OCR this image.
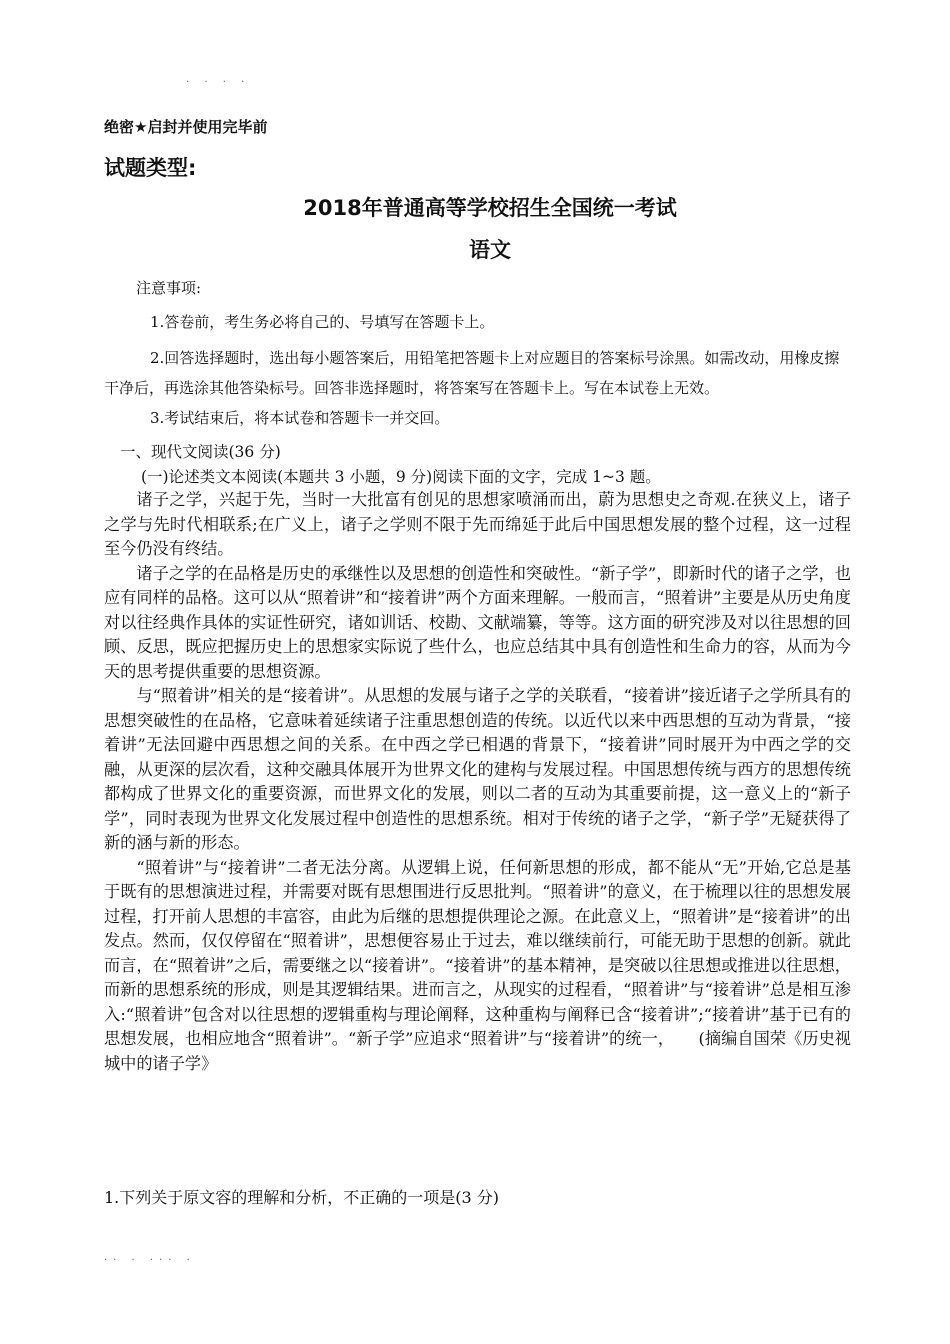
. . . .
绝密★启封并使用完毕前
试题类型:
2018年普通高等学校招生全国统一考试
语文
注意事项:
1.答卷前，考生务必将自己的、号填写在答题卡上。
2.回答选择题时，选出每小题答案后，用铅笔把答题卡上对应题目的答案标号涂黑。如需改动，用橡皮擦干净后，再选涂其他答染标号。回答非选择题时，将答案写在答题卡上。写在本试卷上无效。
3.考试结束后，将本试卷和答题卡一并交回。
一、现代文阅读(36 分)
(一)论述类文本阅读(本题共 3 小题，9 分)阅读下面的文字，完成 1~3 题。

诸子之学，兴起于先，当时一大批富有创见的思想家喷涌而出，蔚为思想史之奇观.在狭义上，诸子之学与先时代相联系;在广义上，诸子之学则不限于先而绵延于此后中国思想发展的整个过程，这一过程至今仍没有终结。

诸子之学的在品格是历史的承继性以及思想的创造性和突破性。“新子学”，即新时代的诸子之学，也应有同样的品格。这可以从“照着讲”和“接着讲”两个方面来理解。一般而言，“照着讲”主要是从历史角度对以往经典作具体的实证性研究，诸如训话、校勘、文献端纂，等等。这方面的研究涉及对以往思想的回顾、反思，既应把握历史上的思想家实际说了些什么，也应总结其中具有创造性和生命力的容，从而为今天的思考提供重要的思想资源。

与“照着讲”相关的是“接着讲”。从思想的发展与诸子之学的关联看，“接着讲”接近诸子之学所具有的思想突破性的在品格，它意味着延续诸子注重思想创造的传统。以近代以来中西思想的互动为背景，“接着讲”无法回避中西思想之间的关系。在中西之学已相遇的背景下，“接着讲”同时展开为中西之学的交融，从更深的层次看，这种交融具体展开为世界文化的建构与发展过程。中国思想传统与西方的思想传统都构成了世界文化的重要资源，而世界文化的发展，则以二者的互动为其重要前提，这一意义上的“新子学”，同时表现为世界文化发展过程中创造性的思想系统。相对于传统的诸子之学，“新子学”无疑获得了新的涵与新的形态。

“照着讲”与“接着讲”二者无法分离。从逻辑上说，任何新思想的形成，都不能从“无”开始,它总是基于既有的思想演进过程，并需要对既有思想围进行反思批判。“照着讲”的意义，在于梳理以往的思想发展过程，打开前人思想的丰富容，由此为后继的思想提供理论之源。在此意义上，“照着讲”是“接着讲”的出发点。然而，仅仅停留在“照着讲”，思想便容易止于过去，难以继续前行，可能无助于思想的创新。就此而言，在“照着讲”之后，需要继之以“接着讲”。“接着讲”的基本精神，是突破以往思想或推进以往思想，而新的思想系统的形成，则是其逻辑结果。进而言之，从现实的过程看，“照着讲”与“接着讲”总是相互渗入:“照着讲”包含对以往思想的逻辑重构与理论阐释，这种重构与阐释已含“接着讲”;“接着讲”基于已有的思想发展，也相应地含“照着讲”。“新子学”应追求“照着讲”与“接着讲”的统一，　　(摘编自国荣《历史视城中的诸子学》

1.下列关于原文容的理解和分析，不正确的一项是(3 分)
.. . ... .
